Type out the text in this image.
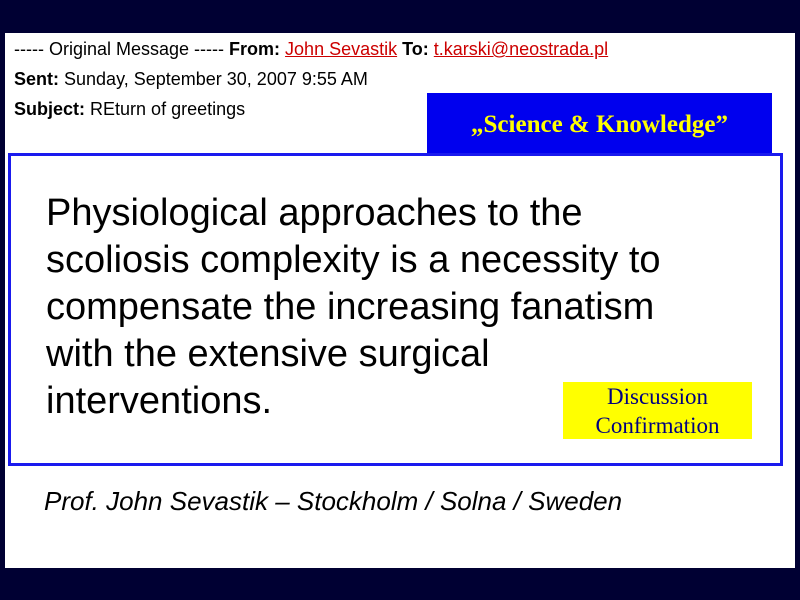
----- Original Message ----- From: John Sevastik To: t.karski@neostrada.pl
Sent: Sunday, September 30, 2007 9:55 AM
Subject: REturn of greetings
„Science & Knowledge”
Physiological approaches to the
scoliosis complexity is a necessity to
compensate the increasing fanatism
with the extensive surgical
interventions.	Discussion
Confirmation
Prof. John Sevastik – Stockholm / Solna / Sweden
